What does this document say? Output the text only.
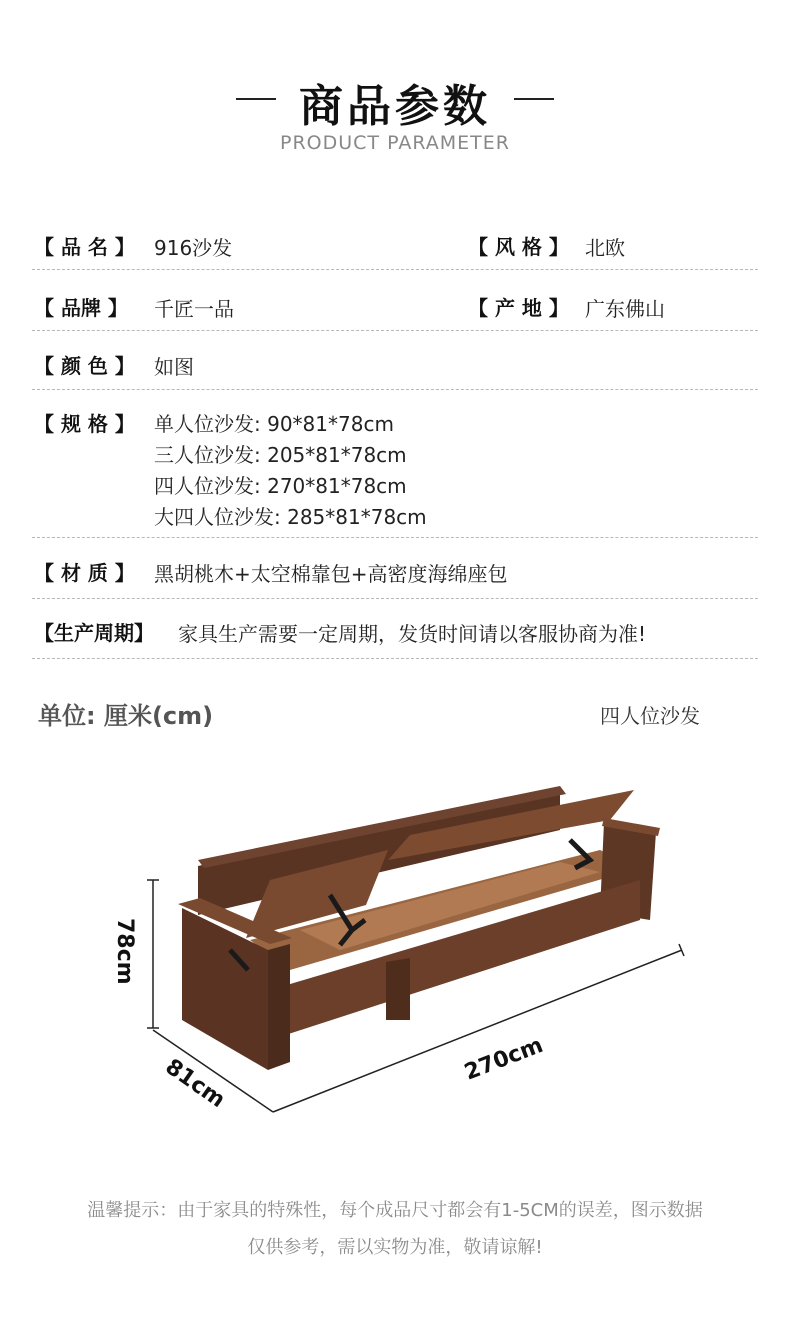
商品参数
PRODUCT PARAMETER
【 品 名 】 916沙发	【 风 格 】 北欧
【 品牌 】 千匠一品	【 产 地 】 广东佛山
【 颜 色 】 如图
【 规 格 】 单人位沙发: 90*81*78cm
三人位沙发: 205*81*78cm
四人位沙发: 270*81*78cm
大四人位沙发: 285*81*78cm
【 材 质 】 黑胡桃木+太空棉靠包+高密度海绵座包
【生产周期】 家具生产需要一定周期，发货时间请以客服协商为准!
单位: 厘米(cm)	四人位沙发
78cm
81cm	270cm
温馨提示：由于家具的特殊性，每个成品尺寸都会有1-5CM的误差，图示数据
仅供参考，需以实物为准，敬请谅解!
